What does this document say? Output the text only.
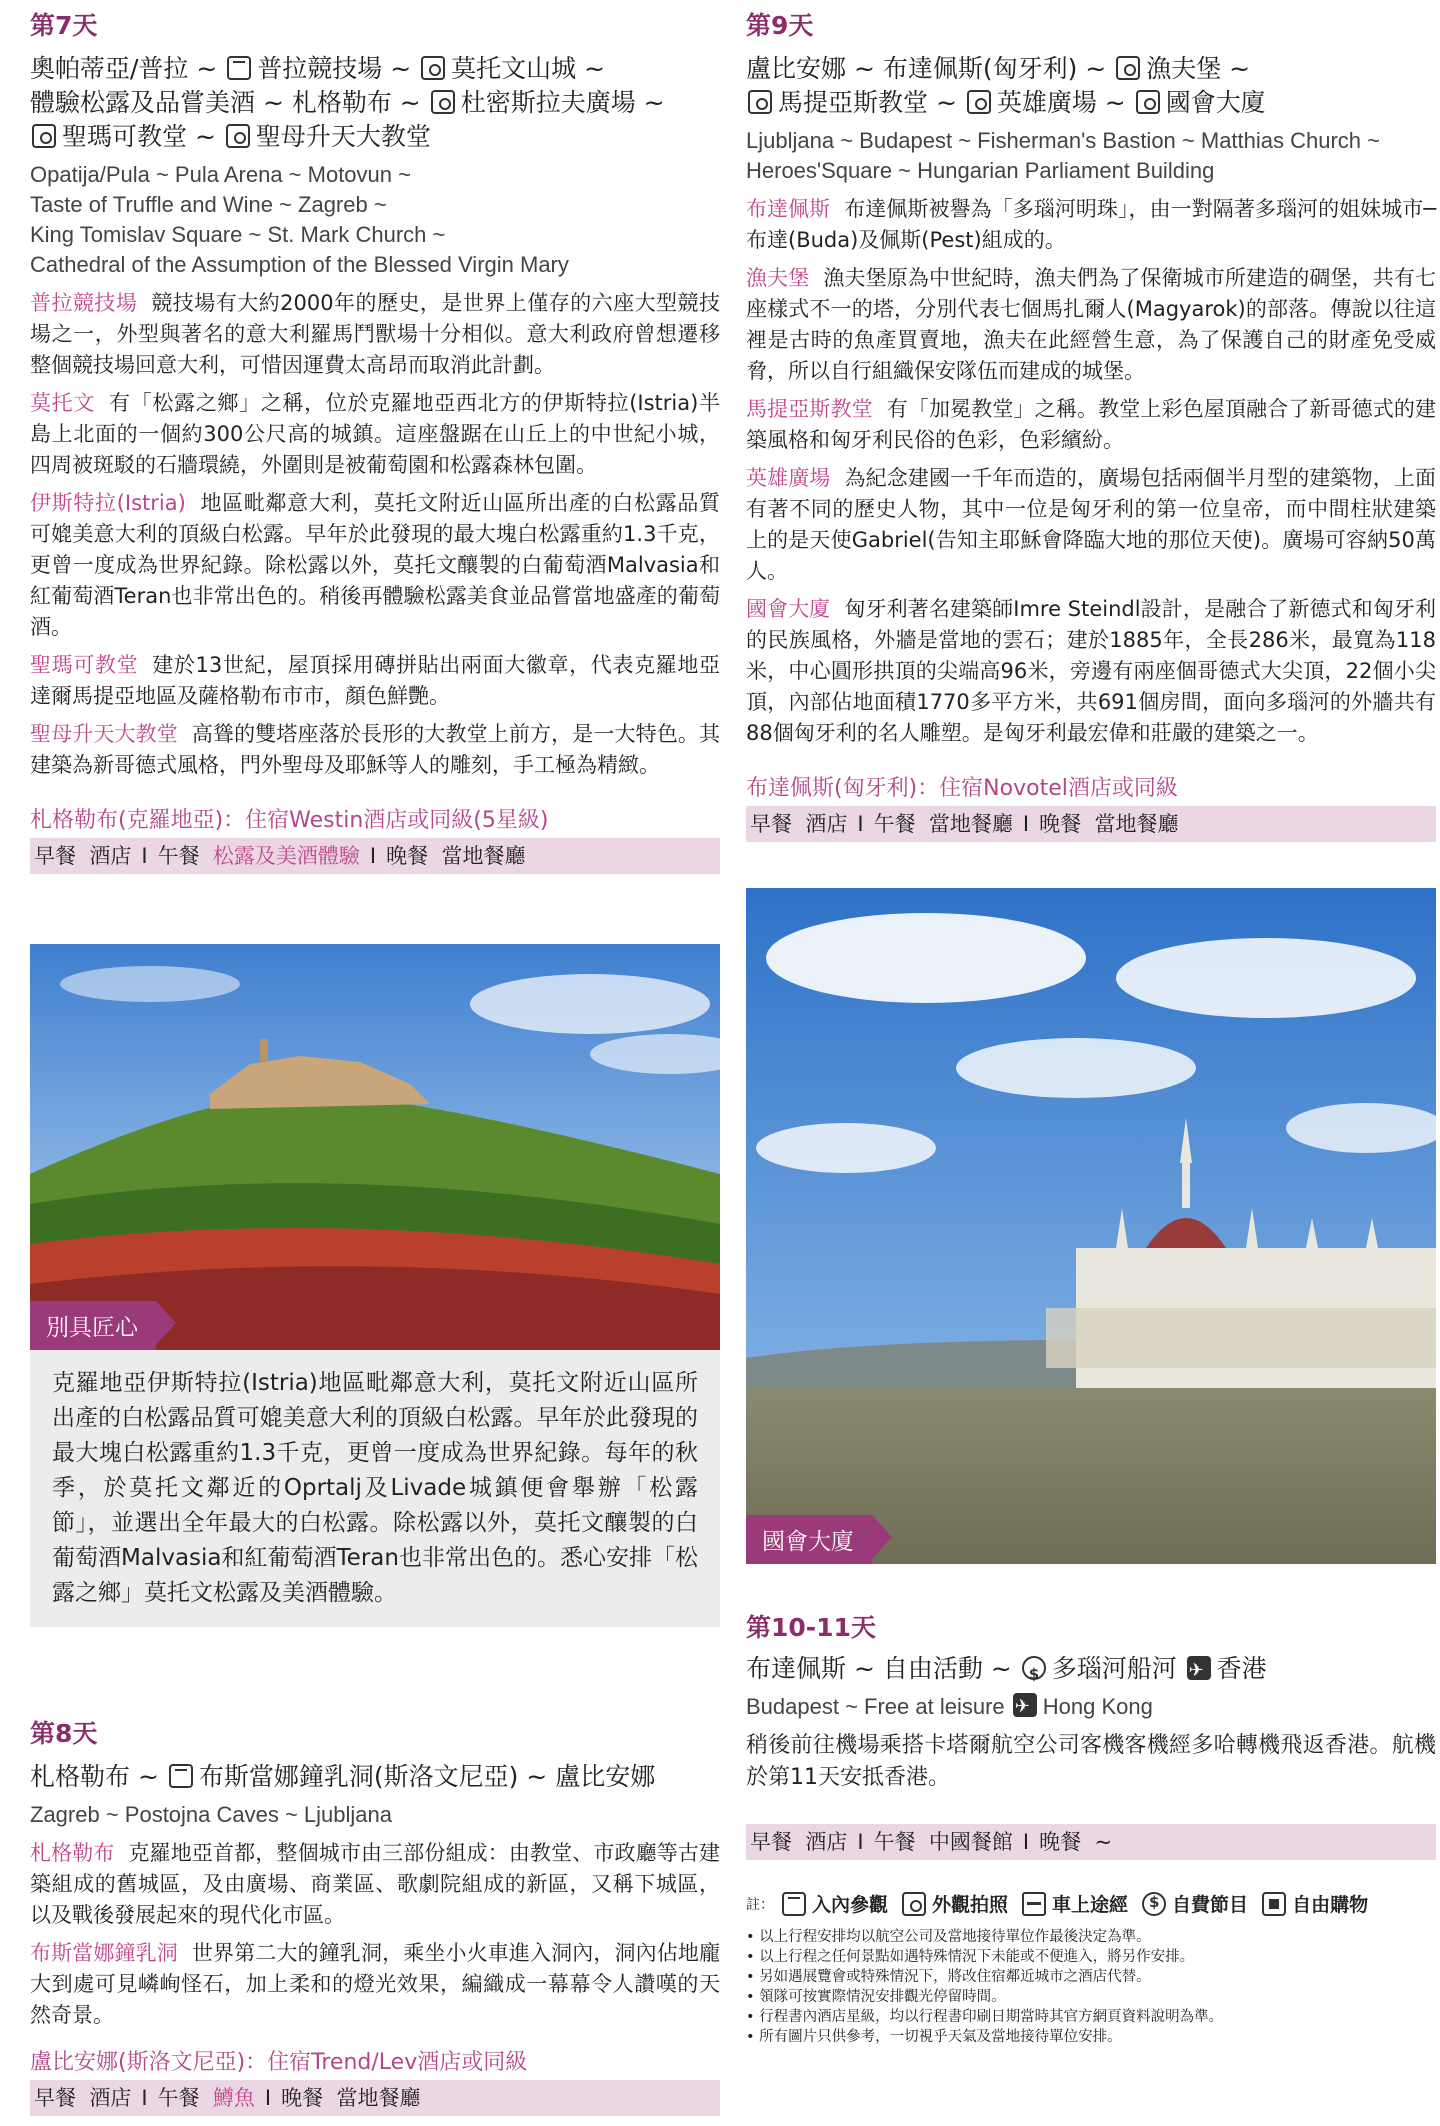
第7天

奧帕蒂亞/普拉 ~ 普拉競技場 ~ 莫托文山城 ~
體驗松露及品嘗美酒 ~ 札格勒布 ~ 杜密斯拉夫廣場 ~
聖瑪可教堂 ~ 聖母升天大教堂

Opatija/Pula ~ Pula Arena ~ Motovun ~
Taste of Truffle and Wine ~ Zagreb ~
King Tomislav Square ~ St. Mark Church ~
Cathedral of the Assumption of the Blessed Virgin Mary

普拉競技場 競技場有大約2000年的歷史，是世界上僅存的六座大型競技場之一，外型與著名的意大利羅馬鬥獸場十分相似。意大利政府曾想遷移整個競技場回意大利，可惜因運費太高昂而取消此計劃。

莫托文 有「松露之鄉」之稱，位於克羅地亞西北方的伊斯特拉(Istria)半島上北面的一個約300公尺高的城鎮。這座盤踞在山丘上的中世紀小城，四周被斑駁的石牆環繞，外圍則是被葡萄園和松露森林包圍。

伊斯特拉(Istria) 地區毗鄰意大利，莫托文附近山區所出產的白松露品質可媲美意大利的頂級白松露。早年於此發現的最大塊白松露重約1.3千克，更曾一度成為世界紀錄。除松露以外，莫托文釀製的白葡萄酒Malvasia和紅葡萄酒Teran也非常出色的。稍後再體驗松露美食並品嘗當地盛產的葡萄酒。

聖瑪可教堂 建於13世紀，屋頂採用磚拼貼出兩面大徽章，代表克羅地亞達爾馬提亞地區及薩格勒布市市，顏色鮮艷。

聖母升天大教堂 高聳的雙塔座落於長形的大教堂上前方，是一大特色。其建築為新哥德式風格，門外聖母及耶穌等人的雕刻，手工極為精緻。

札格勒布(克羅地亞)：住宿Westin酒店或同級(5星級)
早餐 酒店 I 午餐 松露及美酒體驗 I 晚餐 當地餐廳
別具匠心
克羅地亞伊斯特拉(Istria)地區毗鄰意大利，莫托文附近山區所出產的白松露品質可媲美意大利的頂級白松露。早年於此發現的最大塊白松露重約1.3千克，更曾一度成為世界紀錄。每年的秋季，於莫托文鄰近的Oprtalj及Livade城鎮便會舉辦「松露節」，並選出全年最大的白松露。除松露以外，莫托文釀製的白葡萄酒Malvasia和紅葡萄酒Teran也非常出色的。悉心安排「松露之鄉」莫托文松露及美酒體驗。
第8天

札格勒布 ~ 布斯當娜鐘乳洞(斯洛文尼亞) ~ 盧比安娜

Zagreb ~ Postojna Caves ~ Ljubljana

札格勒布 克羅地亞首都，整個城市由三部份組成：由教堂、市政廳等古建築組成的舊城區，及由廣場、商業區、歌劇院組成的新區，又稱下城區，以及戰後發展起來的現代化市區。

布斯當娜鐘乳洞 世界第二大的鐘乳洞，乘坐小火車進入洞內，洞內佔地龐大到處可見嶙峋怪石，加上柔和的燈光效果，編織成一幕幕令人讚嘆的天然奇景。

盧比安娜(斯洛文尼亞)：住宿Trend/Lev酒店或同級
早餐 酒店 I 午餐 鱒魚 I 晚餐 當地餐廳
第9天

盧比安娜 ~ 布達佩斯(匈牙利) ~ 漁夫堡 ~
馬提亞斯教堂 ~ 英雄廣場 ~ 國會大廈

Ljubljana ~ Budapest ~ Fisherman's Bastion ~ Matthias Church ~
Heroes'Square ~ Hungarian Parliament Building

布達佩斯 布達佩斯被譽為「多瑙河明珠」，由一對隔著多瑙河的姐妹城市─布達(Buda)及佩斯(Pest)組成的。

漁夫堡 漁夫堡原為中世紀時，漁夫們為了保衛城市所建造的碉堡，共有七座樣式不一的塔，分別代表七個馬扎爾人(Magyarok)的部落。傳說以往這裡是古時的魚產買賣地，漁夫在此經營生意，為了保護自己的財產免受威脅，所以自行組織保安隊伍而建成的城堡。

馬提亞斯教堂 有「加冕教堂」之稱。教堂上彩色屋頂融合了新哥德式的建築風格和匈牙利民俗的色彩，色彩繽紛。

英雄廣場 為紀念建國一千年而造的，廣場包括兩個半月型的建築物，上面有著不同的歷史人物，其中一位是匈牙利的第一位皇帝，而中間柱狀建築上的是天使Gabriel(告知主耶穌會降臨大地的那位天使)。廣場可容納50萬人。

國會大廈 匈牙利著名建築師Imre Steindl設計，是融合了新德式和匈牙利的民族風格，外牆是當地的雲石；建於1885年，全長286米，最寬為118米，中心圓形拱頂的尖端高96米，旁邊有兩座個哥德式大尖頂，22個小尖頂，內部佔地面積1770多平方米，共691個房間，面向多瑙河的外牆共有88個匈牙利的名人雕塑。是匈牙利最宏偉和莊嚴的建築之一。

布達佩斯(匈牙利)：住宿Novotel酒店或同級
早餐 酒店 I 午餐 當地餐廳 I 晚餐 當地餐廳
國會大廈
第10-11天

布達佩斯 ~ 自由活動 ~ $多瑙河船河 ✈香港

Budapest ~ Free at leisure ✈Hong Kong

稍後前往機場乘搭卡塔爾航空公司客機客機經多哈轉機飛返香港。航機於第11天安抵香港。

早餐 酒店 I 午餐 中國餐館 I 晚餐 ~
註： 入內參觀 外觀拍照 車上途經
$ 自費節目 自由購物
• 以上行程安排均以航空公司及當地接待單位作最後決定為準。
• 以上行程之任何景點如遇特殊情況下未能或不便進入，將另作安排。
• 另如遇展覽會或特殊情況下，將改住宿鄰近城市之酒店代替。
• 領隊可按實際情況安排觀光停留時間。
• 行程書內酒店星級，均以行程書印刷日期當時其官方網頁資料說明為準。
• 所有圖片只供參考，一切視乎天氣及當地接待單位安排。
